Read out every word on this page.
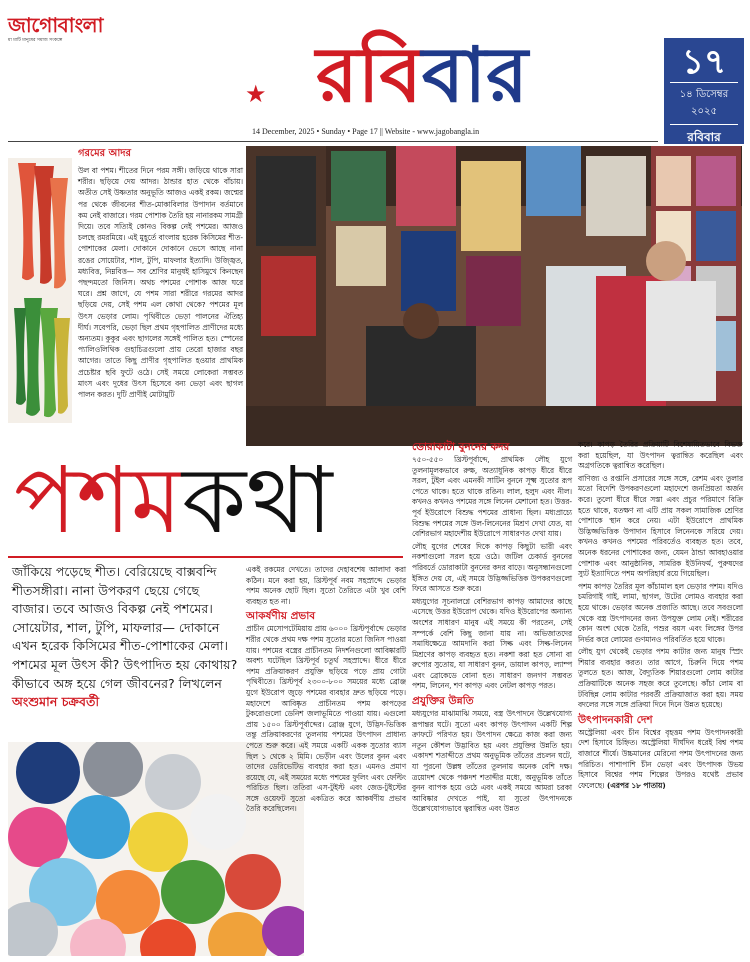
জাগোবাংলা
মা মাটি মানুষের সমাজ সংকল্পে	রবিবার
★
14 December, 2025 • Sunday • Page 17 || Website - www.jagobangla.in
১৭
১৪ ডিসেম্বর
২০২৫
রবিবার
গরমের আদর

উল বা পশম। শীতের দিনে পরম সঙ্গী। জড়িয়ে থাকে সারা শরীর। ছড়িয়ে দেয় আদর। ঠান্ডার হাত থেকে বাঁচায়। অতীত সেই উষ্ণতার অনুভূতি আজও একই রকম। জন্মের পর থেকে জীবনের শীত-মোকাবিলার উপাদান বর্তমানে কম নেই বাজারে। গরম পোশাক তৈরি হয় নানারকম সামগ্রী দিয়ে। তবে সত্যিই কোনও বিকল্প নেই পশমের। আজও চলছে রমরমিয়ে। এই মুহূর্তে বাংলায় হরেক কিসিমের শীত-পোশাকের মেলা। দোকানে দোকানে ভেসে আছে নানা রঙের সোয়েটার, শাল, টুপি, মাফলার ইত্যাদি। উজ্জ্বিত, মধ্যবিত্ত, নিম্নবিত্ত— সব শ্রেণির মানুষই হাসিমুখে কিনছেন পছন্দমতো জিনিস। অথচ পশমের পোশাক আজ ঘরে ঘরে। প্রশ্ন জাগে, যে পশম সারা শরীরে গরমের আদর ছড়িয়ে দেয়, সেই পশম এল কোথা থেকে? পশমের মূল উৎস ভেড়ার লোম। পৃথিবীতে ভেড়া পালনের ঐতিহ্য দীর্ঘ। সবেপরি, ভেড়া ছিল প্রথম গৃহপালিত প্রাণীদের মধ্যে অন্যতম। কুকুর এবং ছাগলের সঙ্গেই পালিত হত। স্পেনের প্যালিওলিথিক গুহাচিত্রগুলো প্রায় তেরো হাজার বছর আগের। তাতে কিছু প্রাণীর গৃহপালিত হওয়ার প্রাথমিক প্রচেষ্টার ছবি ফুটে ওঠে। সেই সময়ে লোকেরা সম্ভবত মাংস এবং দুধের উৎস হিসেবে বন্য ভেড়া এবং ছাগল পালন করত। দুটি প্রাণীই মোটামুটি

পশমকথা
জাঁকিয়ে পড়েছে শীত। বেরিয়েছে বাক্সবন্দি শীতসঙ্গীরা। নানা উপকরণ ছেয়ে গেছে বাজার। তবে আজও বিকল্প নেই পশমের। সোয়েটার, শাল, টুপি, মাফলার— দোকানে এখন হরেক কিসিমের শীত-পোশাকের মেলা। পশমের মূল উৎস কী? উৎপাদিত হয় কোথায়? কীভাবে অঙ্গ হয়ে গেল জীবনের? লিখলেন অংশুমান চক্রবর্তী

একই রকমের দেখতে। তাদের দেহাবশেষ আলাদা করা কঠিন। মনে করা হয়, খ্রিস্টপূর্ব নবম সহস্রাব্দে ভেড়ার পশম অনেক ছোট ছিল। সুতো তৈরিতে এটা খুব বেশি ব্যবহৃত হত না।

আকর্ষণীয় প্রভাব

প্রাচীন মেসোপটেমিয়ায় প্রায় ৬০০০ খ্রিস্টপূর্বাব্দে ভেড়ার শরীর থেকে প্রথম দক্ষ পশম সুতোর মতো জিনিস পাওয়া যায়। পশমের বস্ত্রের প্রাচীনতম নিদর্শনগুলো আবিষ্কারটি অবশ্য ঘটেছিল খ্রিস্টপূর্ব চতুর্থ সহস্রাব্দে। ধীরে ধীরে পশম প্রক্রিয়াকরণ প্রযুক্তি ছড়িয়ে পড়ে প্রায় গোটা পৃথিবীতে। খ্রিস্টপূর্ব ২৩০০-৮০০ সময়ের মধ্যে ব্রোঞ্জ যুগে ইউরোপ জুড়ে পশমের ব্যবহার দ্রুত ছড়িয়ে পড়ে। মহাদেশে আবিষ্কৃত প্রাচীনতম পশম কাপড়ের টুকরোগুলো ডেনিশ জলাভূমিতে পাওয়া যায়। এগুলো প্রায় ১৫০০ খ্রিস্টপূর্বাব্দের। ব্রোঞ্জ যুগে, উদ্ভিদ-ভিত্তিক তন্তু প্রক্রিয়াকরণের তুলনায় পশমের উৎপাদন প্রাধান্য পেতে শুরু করে। এই সময়ে একটি একক সুতোর ব্যাস ছিল ১ থেকে ২ মিমি। ভেড়ীন এবং উলের বুনন এবং তাদের ডেরিভেটিভ ব্যবহার করা হত। এমনও প্রমাণ রয়েছে যে, এই সময়ের মধ্যে পশমের ফুলিং এবং ফেল্টিং পরিচিত ছিল। ততিরা এস-টুইস্ট এবং জেড-টুইস্টের সঙ্গে ওয়েফট সুতো একত্রিত করে আকর্ষণীয় প্রভাব তৈরি করেছিলেন।

ডোরাকাটা বুননের কদর

৭৫০-৫৫০ খ্রিস্টপূর্বাব্দে, প্রাথমিক লৌহ যুগে তুলনামূলকভাবে রুক্ষ, অত্যাধুনিক কাপড় ধীরে ধীরে সরল, টুইল এবং এমনকী সাটিন বুননে সূক্ষ্ম সুতোর রূপ পেতে থাকে। হতে থাকে রঙিন। লাল, হলুদ এবং নীল। কখনও কখনও পশমের সঙ্গে লিনেন মেশানো হত। উত্তর-পূর্ব ইউরোপে বিশুদ্ধ পশমের প্রাধান্য ছিল। মধ্যপ্রাচ্যে বিশুদ্ধ পশমের সঙ্গে উল-লিনেনের মিশ্রণ দেখা যেত, যা বেশিরভাগ মহাদেশীয় ইউরোপে সাধারণত দেখা যায়।

লৌহ যুগের শেষের দিকে কাপড় কিছুটা ভারী এবং নকশাগুলো সরল হয়ে ওঠে। জটিল চেকার্ড বুননের পরিবর্তে ডোরাকাটা বুননের কদর বাড়ে। অনুসন্ধানগুলো ইঙ্গিত দেয় যে, এই সময়ে উদ্ভিজ্জভিত্তিক উপকরণগুলো ফিরে আসতে শুরু করে।

মধ্যযুগের সূচনালগ্নে বেশিরভাগ কাপড় আমাদের কাছে এসেছে উত্তর ইউরোপ থেকে। যদিও ইউরোপের অন্যান্য অংশের সাধারণ মানুষ এই সময়ে কী পরতেন, সেই সম্পর্কে বেশি কিছু জানা যায় না। অভিজাতদের সমাধিক্ষেত্রে আমদানি করা সিল্ক এবং সিল্ক-লিনেন মিশ্রণের কাপড় ব্যবহৃত হত। নকশা করা হত সোনা বা রুপোর সুতোয়, যা সাধারণ বুনন, ডায়াল কাপড়, ল্যাম্প এবং ব্রোকেডে বোনা হত। সাধারণ জনগণ সম্ভবত পশম, লিনেন, শণ কাপড় এবং নেটল কাপড় পরত।

প্রযুক্তির উন্নতি

মধ্যযুগের মাঝামাঝি সময়ে, বস্ত্র উৎপাদনে উল্লেখযোগ্য রূপান্তর ঘটে। সুতো এবং কাপড় উৎপাদন একটি শিল্প ক্রাফটে পরিণত হয়। উৎপাদন ক্ষেত্রে কাজ করা জন্য নতুন কৌশল উদ্ভাবিত হয় এবং প্রযুক্তির উন্নতি হয়। একাদশ শতাব্দীতে প্রথম অনুভূমিক তাঁতের প্রচলন ঘটে, যা পুরনো উল্লম্ব তাঁতের তুলনায় অনেক বেশি দক্ষ। ত্রয়োদশ থেকে পঞ্চদশ শতাব্দীর মধ্যে, অনুভূমিক তাঁতে বুনন ব্যাপক হয়ে ওঠে এবং একই সময়ে আমরা চরকা আবিষ্কার দেখতে পাই, যা সুতো উৎপাদনকে উল্লেখযোগ্যভাবে ত্বরান্বিত এবং উন্নত

করে। কাপড় তৈরির প্রক্রিয়াটি বিশেষায়িতভাবে বিভক্ত করা হয়েছিল, যা উৎপাদন ত্বরান্বিত করেছিল এবং অগ্রগতিকে ত্বরান্বিত করেছিল।

বাণিজ্য ও রপ্তানি প্রসারের সঙ্গে সঙ্গে, রেশম এবং তুলার মতো বিদেশি উপকরণগুলো মহাদেশে জনপ্রিয়তা অর্জন করে। তুলো ধীরে ধীরে সস্তা এবং প্রচুর পরিমাণে বিক্রি হতে থাকে, যতক্ষণ না এটি প্রায় সকল সামাজিক শ্রেণির পোশাকে স্থান করে নেয়। এটা ইউরোপে প্রাথমিক উদ্ভিজ্জভিত্তিক উপাদান হিসাবে লিনেনকে সরিয়ে দেয়। কখনও কখনও পশমের পরিবর্তেও ব্যবহৃত হত। তবে, অনেক ধরনের পোশাকের জন্য, যেমন ঠান্ডা আবহাওয়ার পোশাক এবং আনুষ্ঠানিক, সামরিক ইউনিফর্ম, পুরুষদের স্যুট ইত্যাদিতে পশম অপরিহার্য রয়ে গিয়েছিল।

পশম কাপড় তৈরির মূল কাঁচামাল হল ভেড়ার পশম। যদিও চমরিগাই গাই, লামা, ছাগল, উটের লোমও ব্যবহার করা হয়ে থাকে। ভেড়ার অনেক প্রজাতি আছে। তবে সবগুলো থেকে বস্ত্র উৎপাদনের জন্য উপযুক্ত লোম নেই। শরীরের কোন অংশ থেকে তৈরি, পশুর বয়স এবং লিঙ্গের উপর নির্ভর করে লোমের গুণমানও পরিবর্তিত হয়ে থাকে।

লৌহ যুগ থেকেই ভেড়ার পশম কাটার জন্য মানুষ স্প্রিং শিয়ার ব্যবহার করত। তার আগে, চিরুনি দিয়ে পশম তুলতে হত। আজ, বৈদ্যুতিক শিয়ারগুলো লোম কাটার প্রক্রিয়াটিকে অনেক সহজ করে তুলেছে। কাঁচা লোম বা টবিছিন্ন লোম কাটার পরবর্তী প্রক্রিয়াজাত করা হয়। সময় বদলের সঙ্গে সঙ্গে প্রক্রিয়া দিনে দিনে উন্নত হয়েছে।

উৎপাদনকারী দেশ

অস্ট্রেলিয়া এবং চীন বিশ্বের বৃহত্তম পশম উৎপাদনকারী দেশ হিসাবে চিহ্নিত। অস্ট্রেলিয়া দীর্ঘদিন ধরেই বিশ্ব পশম বাজারে শীর্ষে। উচ্চমানের মেরিনো পশম উৎপাদনের জন্য পরিচিত। পাশাপাশি চীন ভেড়া এবং উৎপাদক উভয় হিসাবে বিশ্বের পশম শিল্পের উপরও যথেষ্ট প্রভাব ফেলেছে। (এরপর ১৮ পাতায়)
